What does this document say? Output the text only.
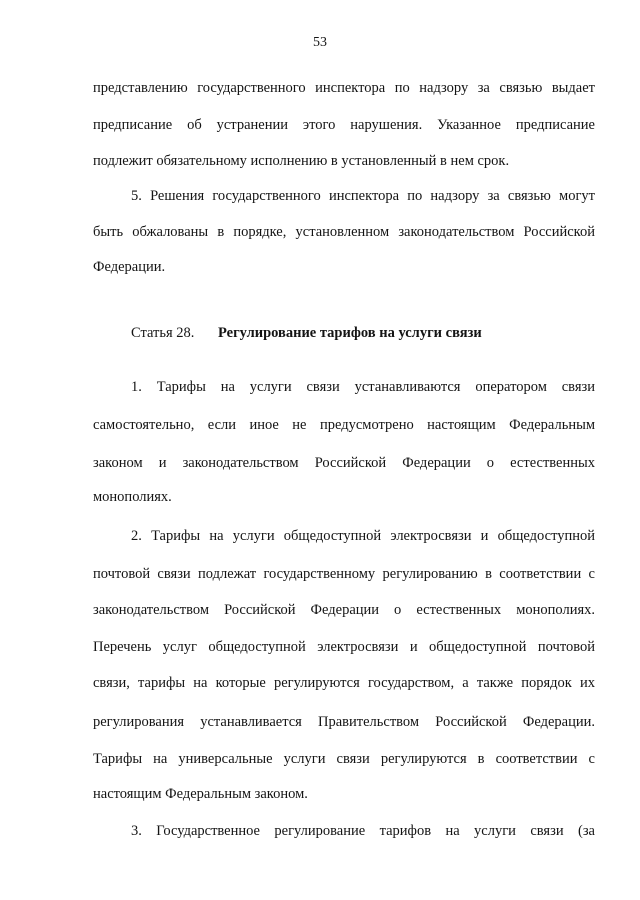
53
представлению государственного инспектора по надзору за связью выдает
предписание об устранении этого нарушения. Указанное предписание
подлежит обязательному исполнению в установленный в нем срок.
5. Решения государственного инспектора по надзору за связью могут
быть обжалованы в порядке, установленном законодательством Российской
Федерации.
Статья 28. Регулирование тарифов на услуги связи
1. Тарифы на услуги связи устанавливаются оператором связи
самостоятельно, если иное не предусмотрено настоящим Федеральным
законом и законодательством Российской Федерации о естественных
монополиях.
2. Тарифы на услуги общедоступной электросвязи и общедоступной
почтовой связи подлежат государственному регулированию в соответствии с
законодательством Российской Федерации о естественных монополиях.
Перечень услуг общедоступной электросвязи и общедоступной почтовой
связи, тарифы на которые регулируются государством, а также порядок их
регулирования устанавливается Правительством Российской Федерации.
Тарифы на универсальные услуги связи регулируются в соответствии с
настоящим Федеральным законом.
3. Государственное регулирование тарифов на услуги связи (за
